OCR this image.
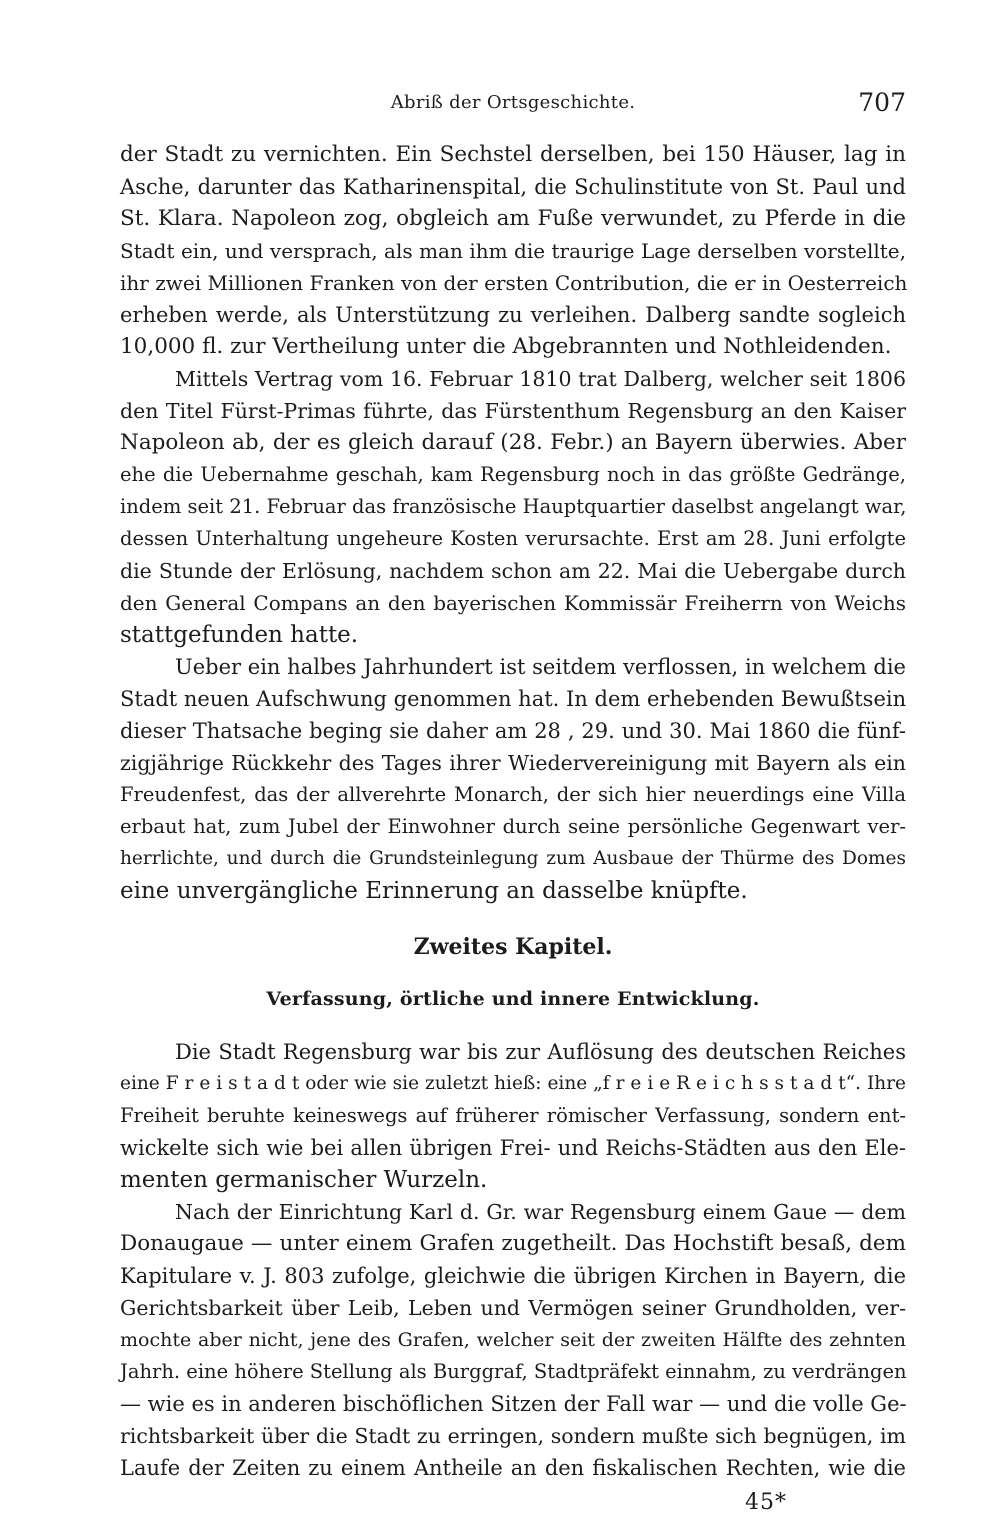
Abriß der Ortsgeschichte.	707
der Stadt zu vernichten. Ein Sechstel derselben, bei 150 Häuser, lag in
Asche, darunter das Katharinenspital, die Schulinstitute von St. Paul und
St. Klara. Napoleon zog, obgleich am Fuße verwundet, zu Pferde in die
Stadt ein, und versprach, als man ihm die traurige Lage derselben vorstellte,
ihr zwei Millionen Franken von der ersten Contribution, die er in Oesterreich
erheben werde, als Unterstützung zu verleihen. Dalberg sandte sogleich
10,000 fl. zur Vertheilung unter die Abgebrannten und Nothleidenden.
Mittels Vertrag vom 16. Februar 1810 trat Dalberg, welcher seit 1806
den Titel Fürst-Primas führte, das Fürstenthum Regensburg an den Kaiser
Napoleon ab, der es gleich darauf (28. Febr.) an Bayern überwies. Aber
ehe die Uebernahme geschah, kam Regensburg noch in das größte Gedränge,
indem seit 21. Februar das französische Hauptquartier daselbst angelangt war,
dessen Unterhaltung ungeheure Kosten verursachte. Erst am 28. Juni erfolgte
die Stunde der Erlösung, nachdem schon am 22. Mai die Uebergabe durch
den General Compans an den bayerischen Kommissär Freiherrn von Weichs
stattgefunden hatte.
Ueber ein halbes Jahrhundert ist seitdem verflossen, in welchem die
Stadt neuen Aufschwung genommen hat. In dem erhebenden Bewußtsein
dieser Thatsache beging sie daher am 28 , 29. und 30. Mai 1860 die fünf-
zigjährige Rückkehr des Tages ihrer Wiedervereinigung mit Bayern als ein
Freudenfest, das der allverehrte Monarch, der sich hier neuerdings eine Villa
erbaut hat, zum Jubel der Einwohner durch seine persönliche Gegenwart ver-
herrlichte, und durch die Grundsteinlegung zum Ausbaue der Thürme des Domes
eine unvergängliche Erinnerung an dasselbe knüpfte.
Zweites Kapitel.
Verfassung, örtliche und innere Entwicklung.
Die Stadt Regensburg war bis zur Auflösung des deutschen Reiches
eine F r e i s t a d t oder wie sie zuletzt hieß: eine „f r e i e R e i c h s s t a d t“. Ihre
Freiheit beruhte keineswegs auf früherer römischer Verfassung, sondern ent-
wickelte sich wie bei allen übrigen Frei- und Reichs-Städten aus den Ele-
menten germanischer Wurzeln.
Nach der Einrichtung Karl d. Gr. war Regensburg einem Gaue — dem
Donaugaue — unter einem Grafen zugetheilt. Das Hochstift besaß, dem
Kapitulare v. J. 803 zufolge, gleichwie die übrigen Kirchen in Bayern, die
Gerichtsbarkeit über Leib, Leben und Vermögen seiner Grundholden, ver-
mochte aber nicht, jene des Grafen, welcher seit der zweiten Hälfte des zehnten
Jahrh. eine höhere Stellung als Burggraf, Stadtpräfekt einnahm, zu verdrängen
— wie es in anderen bischöflichen Sitzen der Fall war — und die volle Ge-
richtsbarkeit über die Stadt zu erringen, sondern mußte sich begnügen, im
Laufe der Zeiten zu einem Antheile an den fiskalischen Rechten, wie die
45*
